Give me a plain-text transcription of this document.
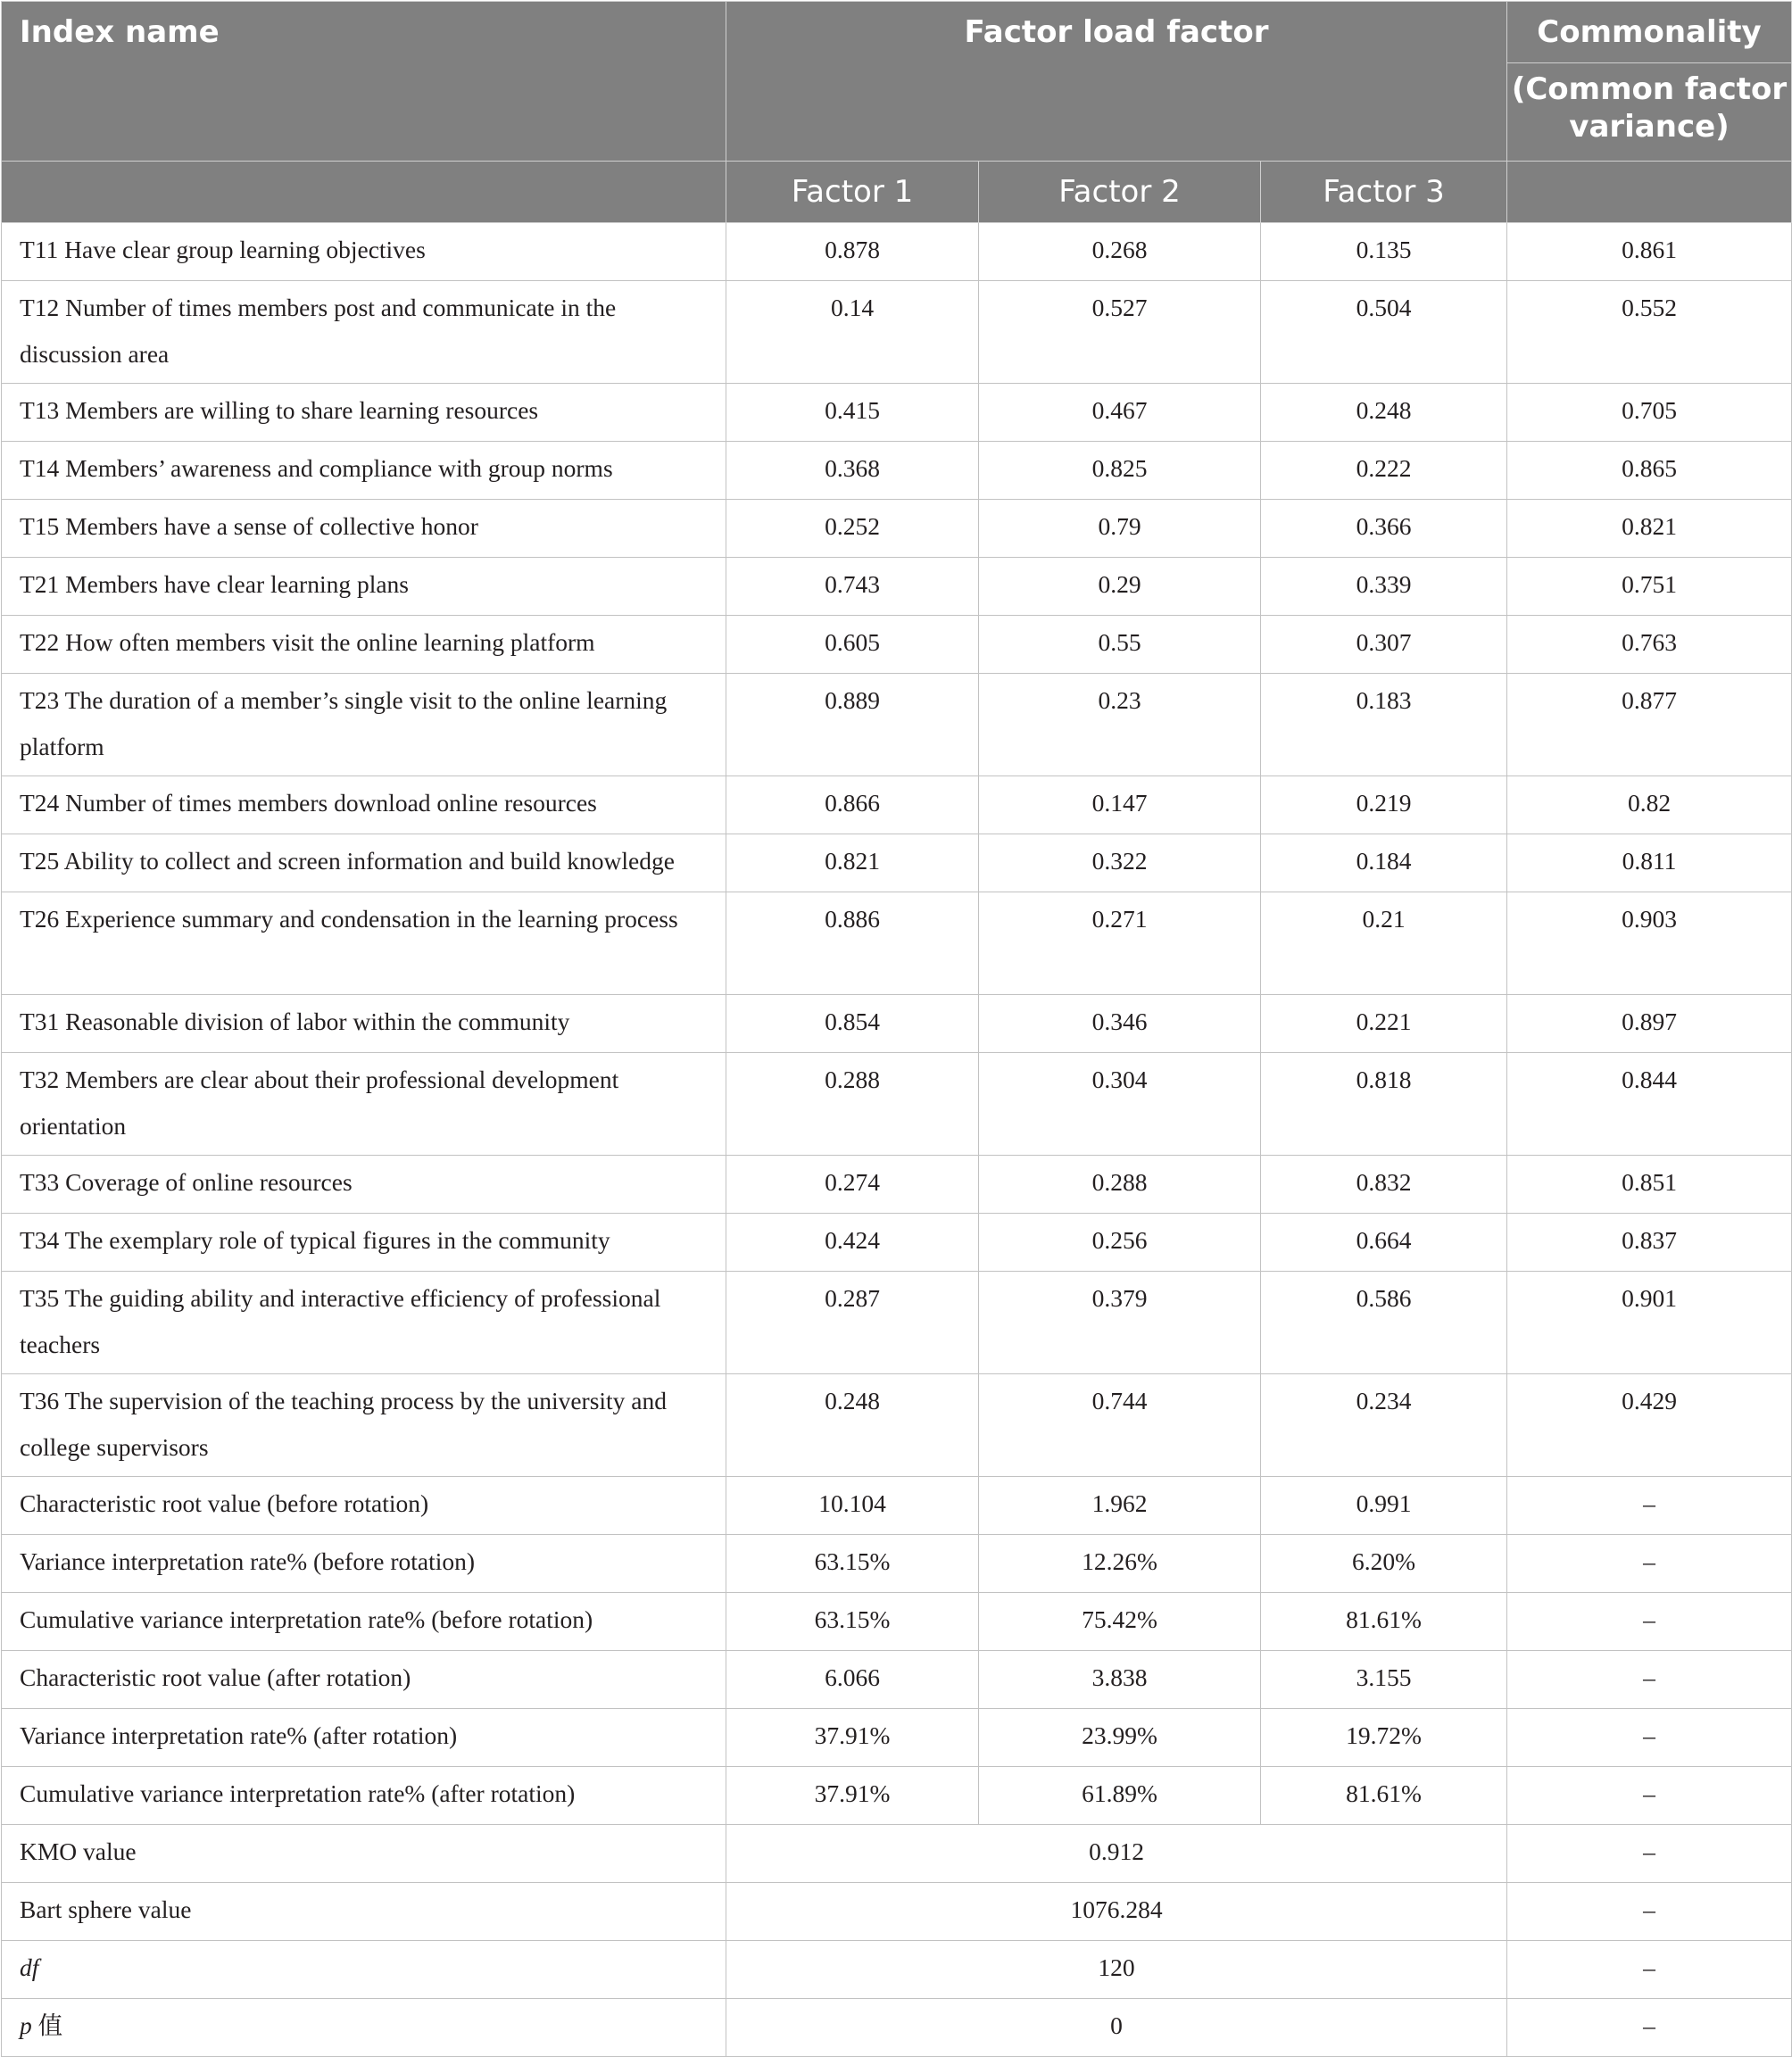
Index name	Factor load factor			Commonality
				(Common factor variance)
	Factor 1	Factor 2	Factor 3	
T11 Have clear group learning objectives	0.878	0.268	0.135	0.861
T12 Number of times members post and communicate in the discussion area	0.14	0.527	0.504	0.552
T13 Members are willing to share learning resources	0.415	0.467	0.248	0.705
T14 Members’ awareness and compliance with group norms	0.368	0.825	0.222	0.865
T15 Members have a sense of collective honor	0.252	0.79	0.366	0.821
T21 Members have clear learning plans	0.743	0.29	0.339	0.751
T22 How often members visit the online learning platform	0.605	0.55	0.307	0.763
T23 The duration of a member’s single visit to the online learning platform	0.889	0.23	0.183	0.877
T24 Number of times members download online resources	0.866	0.147	0.219	0.82
T25 Ability to collect and screen information and build knowledge	0.821	0.322	0.184	0.811
T26 Experience summary and condensation in the learning process	0.886	0.271	0.21	0.903
T31 Reasonable division of labor within the community	0.854	0.346	0.221	0.897
T32 Members are clear about their professional development orientation	0.288	0.304	0.818	0.844
T33 Coverage of online resources	0.274	0.288	0.832	0.851
T34 The exemplary role of typical figures in the community	0.424	0.256	0.664	0.837
T35 The guiding ability and interactive efficiency of professional teachers	0.287	0.379	0.586	0.901
T36 The supervision of the teaching process by the university and college supervisors	0.248	0.744	0.234	0.429
Characteristic root value (before rotation)	10.104	1.962	0.991	–
Variance interpretation rate% (before rotation)	63.15%	12.26%	6.20%	–
Cumulative variance interpretation rate% (before rotation)	63.15%	75.42%	81.61%	–
Characteristic root value (after rotation)	6.066	3.838	3.155	–
Variance interpretation rate% (after rotation)	37.91%	23.99%	19.72%	–
Cumulative variance interpretation rate% (after rotation)	37.91%	61.89%	81.61%	–
KMO value	0.912			–
Bart sphere value	1076.284			–
df	120			–
p 值	0			–
